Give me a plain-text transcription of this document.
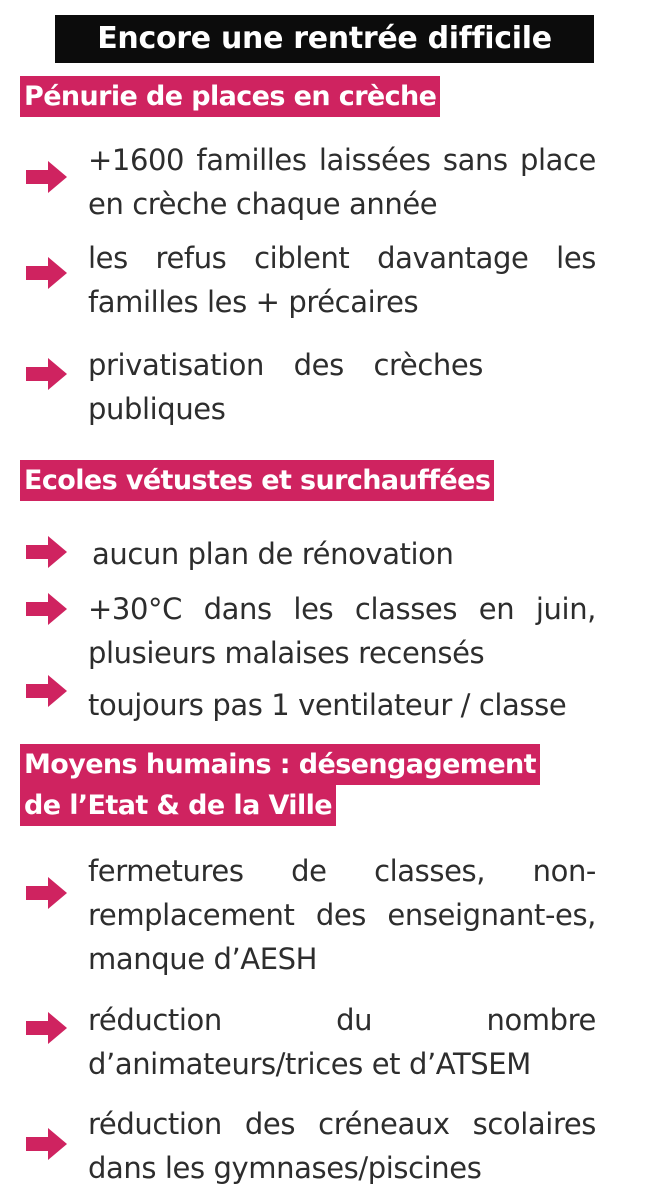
Encore une rentrée difficile
Pénurie de places en crèche
+1600 familles laissées sans place en crèche chaque année
les refus ciblent davantage les familles les + précaires
privatisation des crèches publiques
Ecoles vétustes et surchauffées
aucun plan de rénovation
+30°C dans les classes en juin, plusieurs malaises recensés
toujours pas 1 ventilateur / classe
Moyens humains : désengagement
de l’Etat & de la Ville
fermetures de classes, non-remplacement des enseignant-es, manque d’AESH
réduction du nombre d’animateurs/trices et d’ATSEM
réduction des créneaux scolaires dans les gymnases/piscines
